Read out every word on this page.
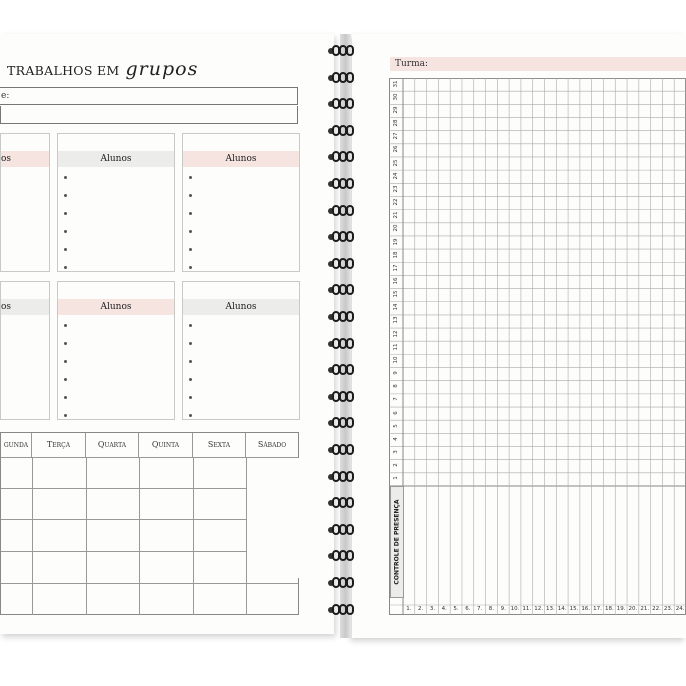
TRABALHOS EM grupos
e:
os	Alunos	Alunos
os	Alunos	Alunos
gunda	Terça	Quarta	Quinta	Sexta	Sábado
Turma:
1
2
3
4
5
6
7
8
9
10
11
12
13
14
15
16
17
18
19
20
21
22
23
24
25
26
27
28
29
30
31
1.	2.	3.	4.	5.	6.	7.	8.	9. 10. 11. 12. 13. 14. 15. 16. 17. 18. 19. 20. 21. 22. 23. 24.
CONTROLE DE PRESENÇA
